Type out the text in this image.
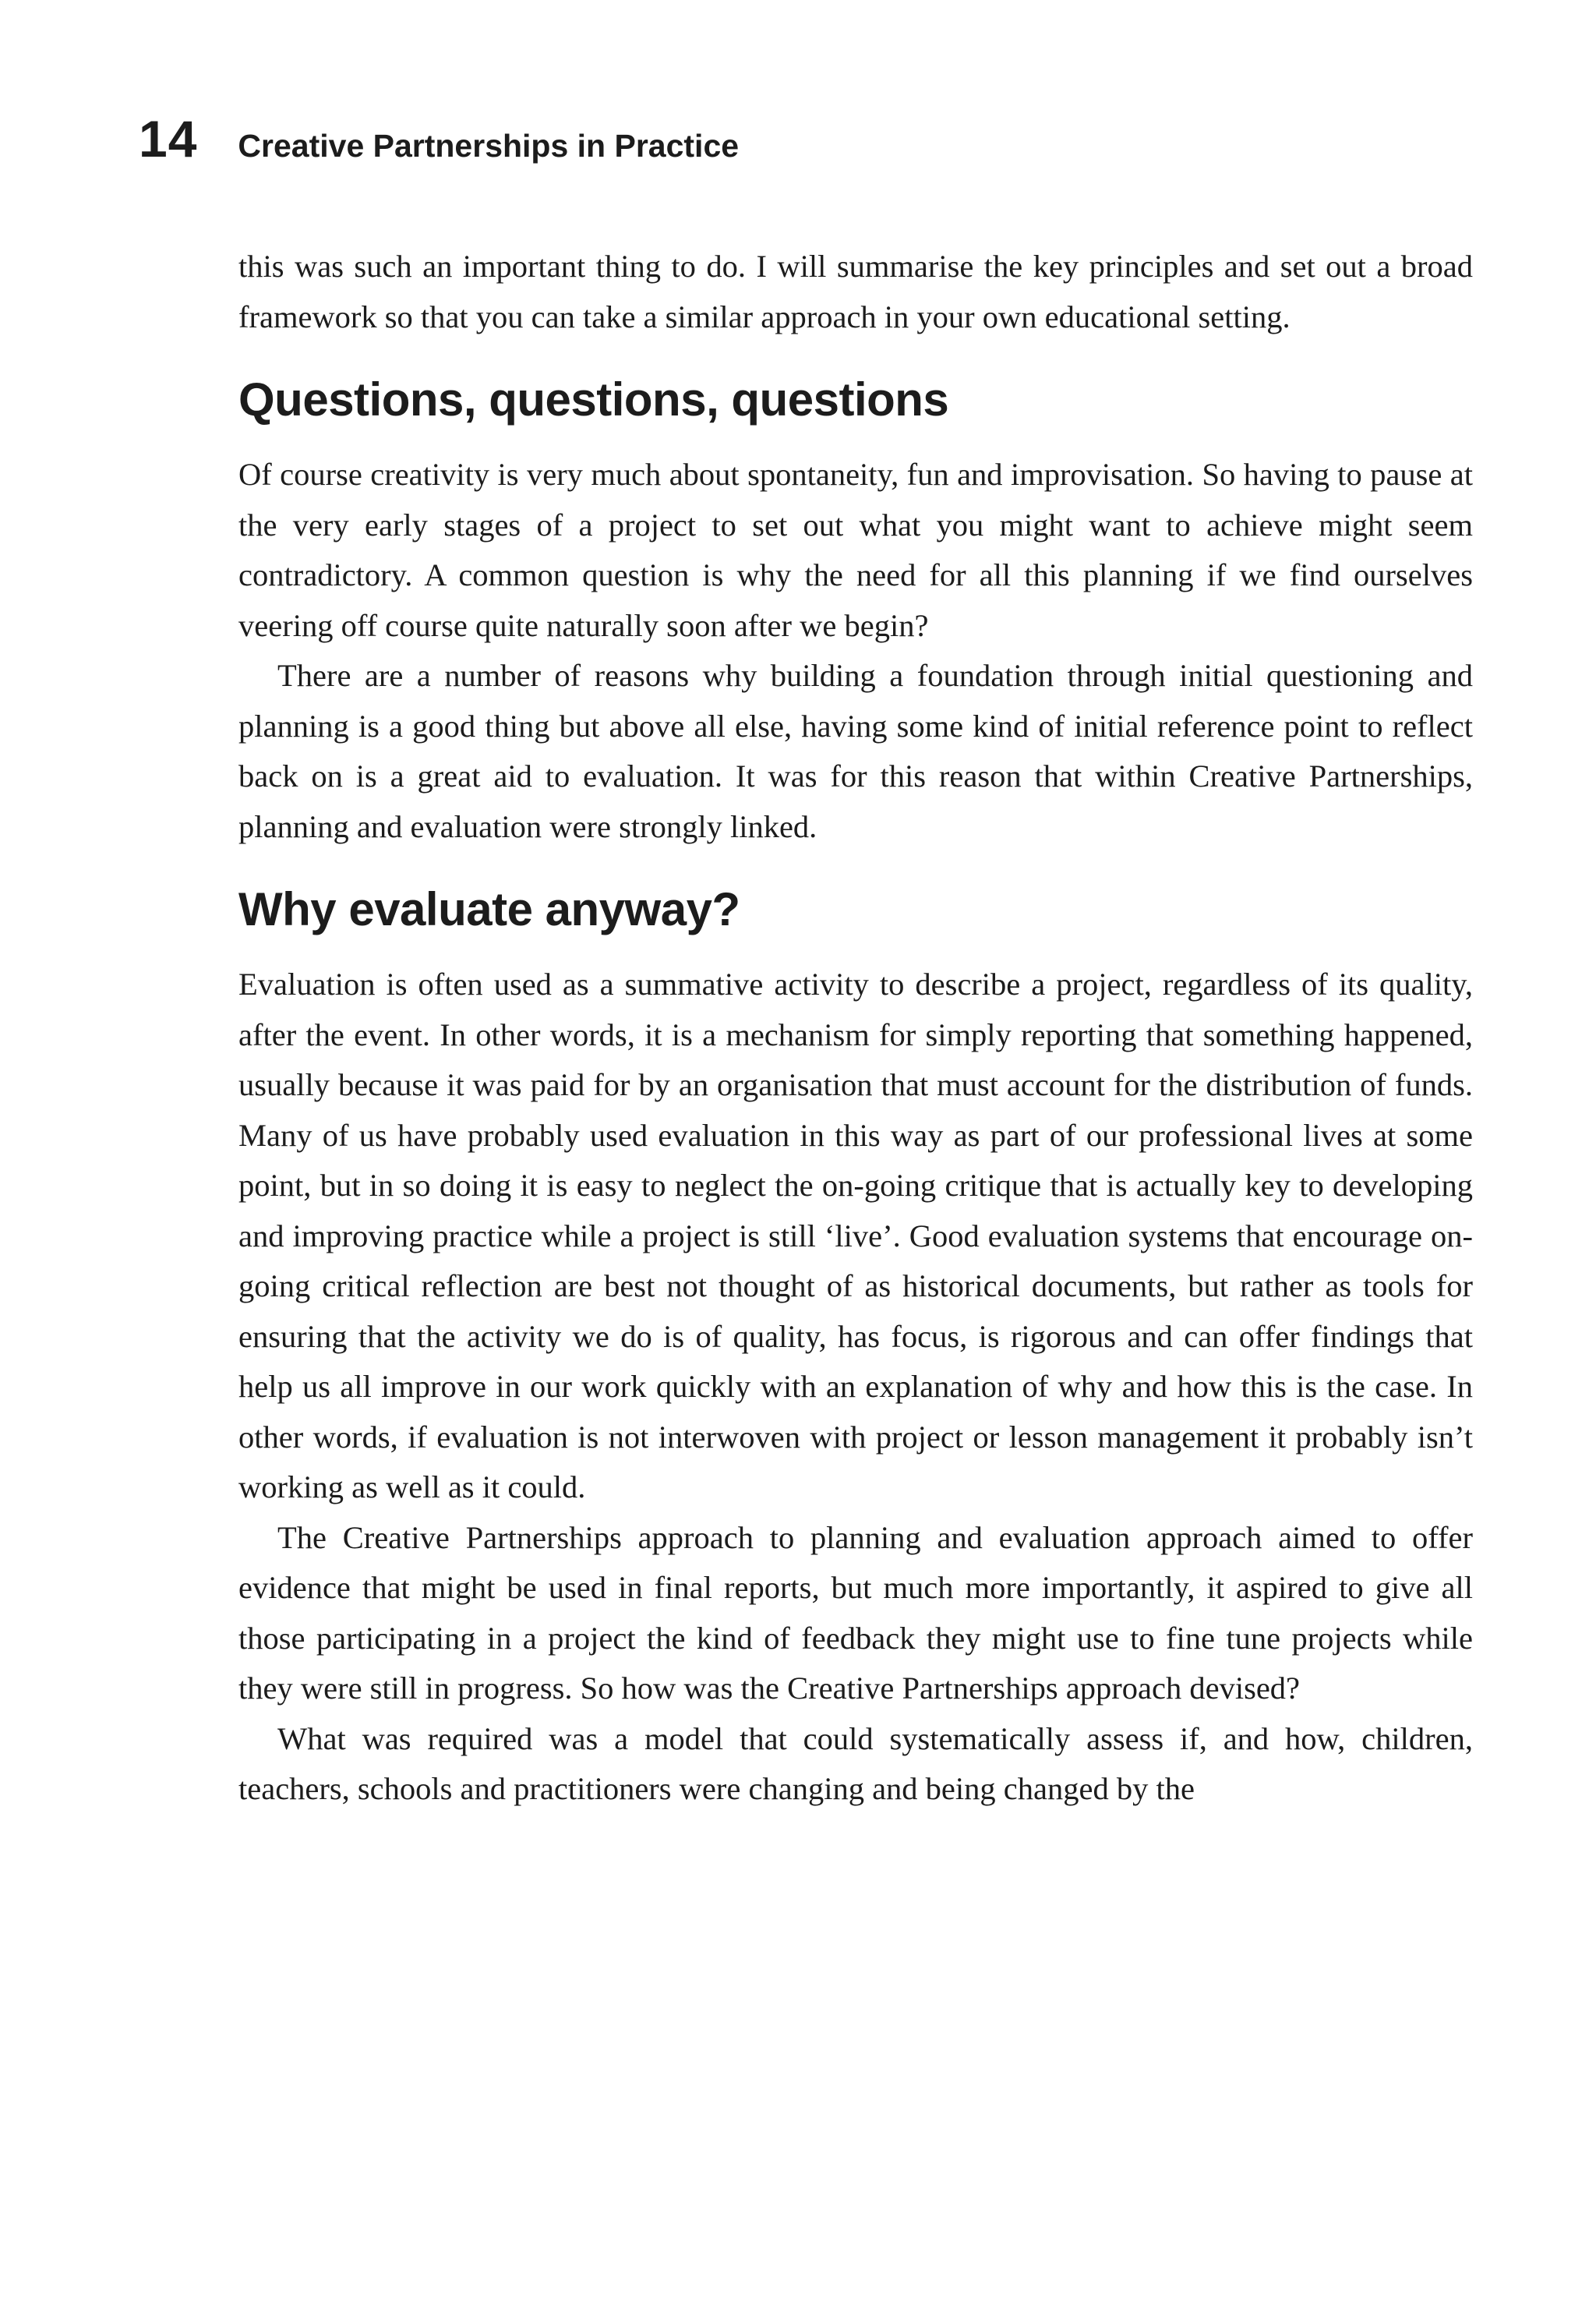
14 Creative Partnerships in Practice

this was such an important thing to do. I will summarise the key principles and set out a broad framework so that you can take a similar approach in your own educational setting.

Questions, questions, questions

Of course creativity is very much about spontaneity, fun and improvisation. So having to pause at the very early stages of a project to set out what you might want to achieve might seem contradictory. A common question is why the need for all this planning if we find ourselves veering off course quite naturally soon after we begin?

There are a number of reasons why building a foundation through initial questioning and planning is a good thing but above all else, having some kind of initial reference point to reflect back on is a great aid to evaluation. It was for this reason that within Creative Partnerships, planning and evaluation were strongly linked.

Why evaluate anyway?

Evaluation is often used as a summative activity to describe a project, regardless of its quality, after the event. In other words, it is a mechanism for simply reporting that something happened, usually because it was paid for by an organisation that must account for the distribution of funds. Many of us have probably used evaluation in this way as part of our professional lives at some point, but in so doing it is easy to neglect the on-going critique that is actually key to developing and improving practice while a project is still ‘live’. Good evaluation systems that encourage on-going critical reflection are best not thought of as historical documents, but rather as tools for ensuring that the activity we do is of quality, has focus, is rigorous and can offer findings that help us all improve in our work quickly with an explanation of why and how this is the case. In other words, if evaluation is not interwoven with project or lesson management it probably isn’t working as well as it could.

The Creative Partnerships approach to planning and evaluation approach aimed to offer evidence that might be used in final reports, but much more importantly, it aspired to give all those participating in a project the kind of feedback they might use to fine tune projects while they were still in progress. So how was the Creative Partnerships approach devised?

What was required was a model that could systematically assess if, and how, children, teachers, schools and practitioners were changing and being changed by the
